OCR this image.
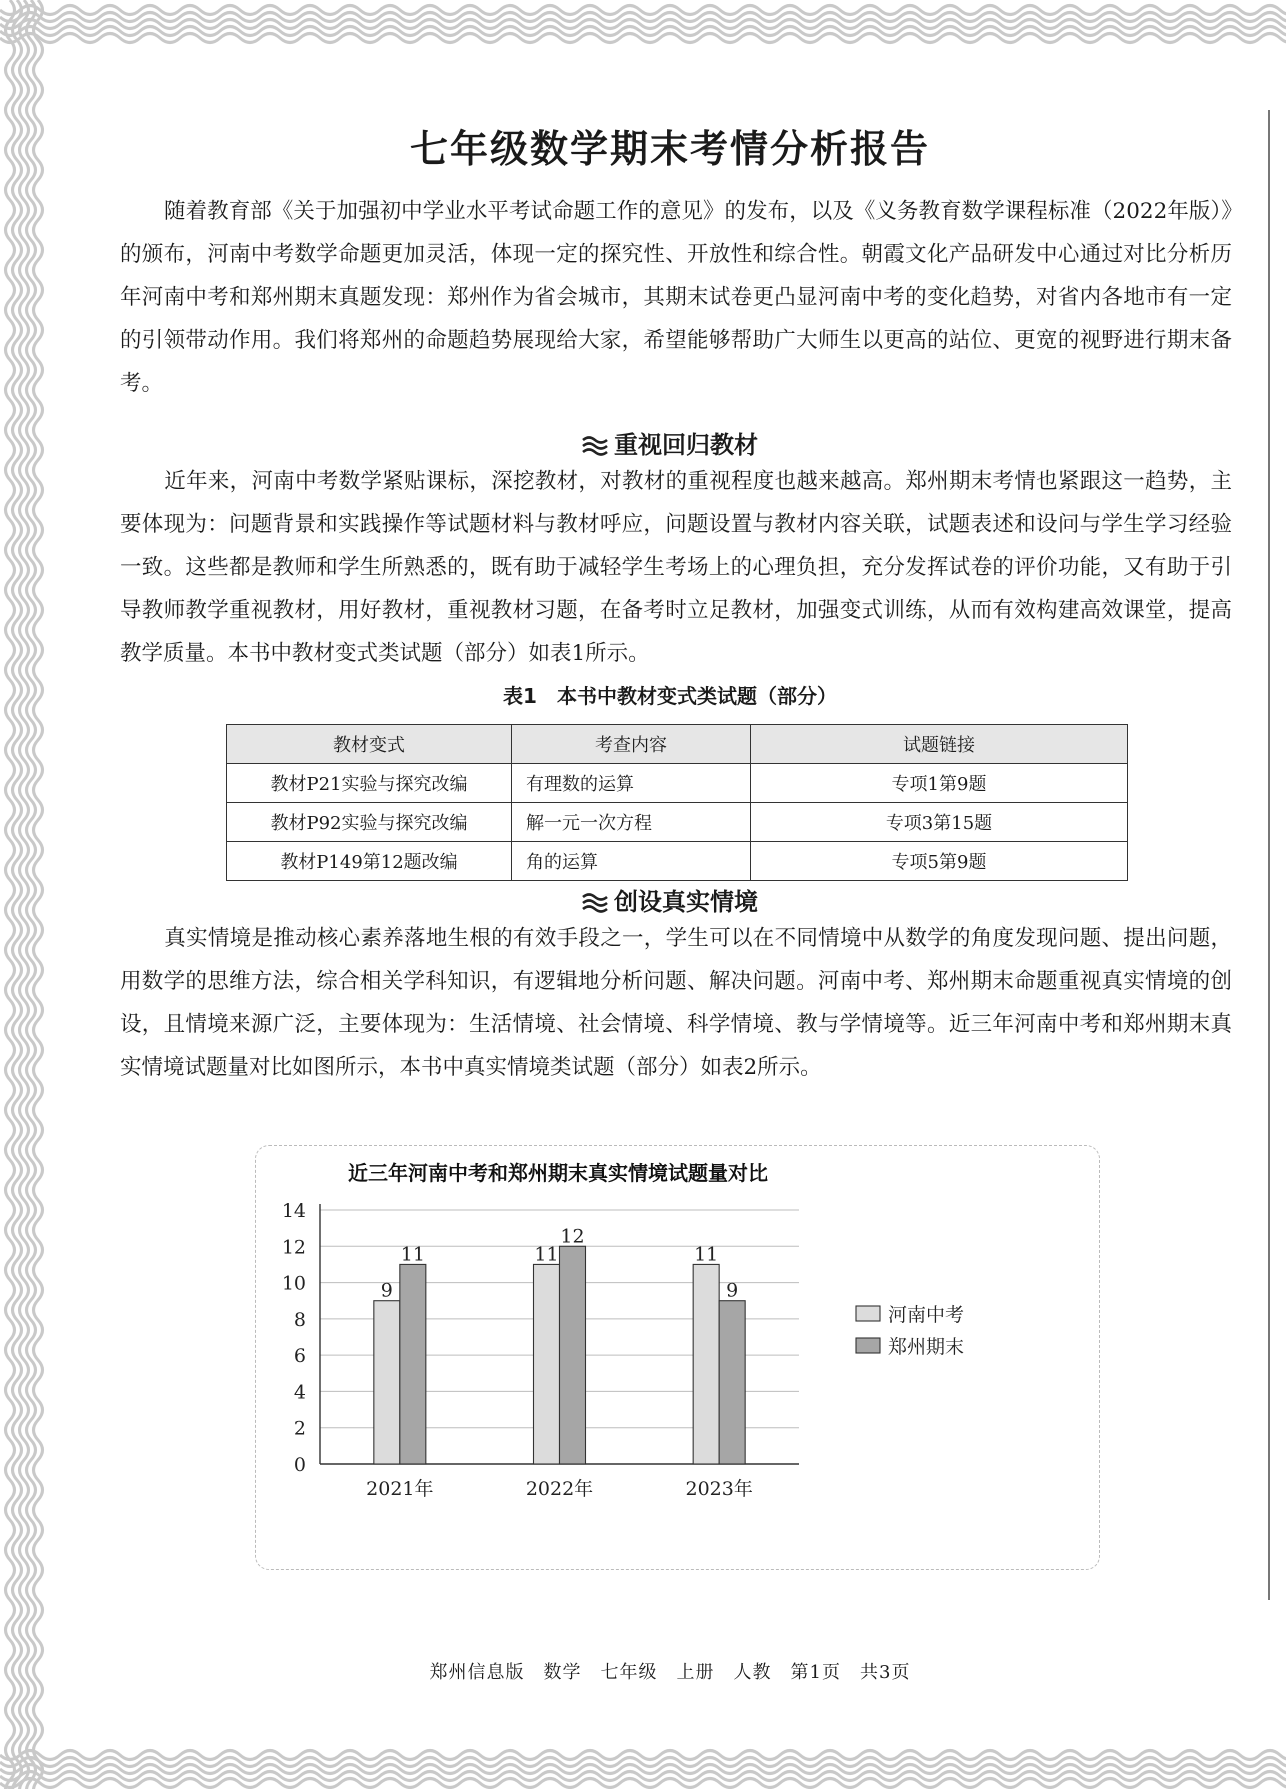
七年级数学期末考情分析报告

随着教育部《关于加强初中学业水平考试命题工作的意见》的发布，以及《义务教育数学课程标准（2022年版）》的颁布，河南中考数学命题更加灵活，体现一定的探究性、开放性和综合性。朝霞文化产品研发中心通过对比分析历年河南中考和郑州期末真题发现：郑州作为省会城市，其期末试卷更凸显河南中考的变化趋势，对省内各地市有一定的引领带动作用。我们将郑州的命题趋势展现给大家，希望能够帮助广大师生以更高的站位、更宽的视野进行期末备考。

重视回归教材

近年来，河南中考数学紧贴课标，深挖教材，对教材的重视程度也越来越高。郑州期末考情也紧跟这一趋势，主要体现为：问题背景和实践操作等试题材料与教材呼应，问题设置与教材内容关联，试题表述和设问与学生学习经验一致。这些都是教师和学生所熟悉的，既有助于减轻学生考场上的心理负担，充分发挥试卷的评价功能，又有助于引导教师教学重视教材，用好教材，重视教材习题，在备考时立足教材，加强变式训练，从而有效构建高效课堂，提高教学质量。本书中教材变式类试题（部分）如表1所示。

表1　本书中教材变式类试题（部分）
教材变式	考查内容	试题链接
教材P21实验与探究改编	有理数的运算	专项1第9题
教材P92实验与探究改编	解一元一次方程	专项3第15题
教材P149第12题改编	角的运算	专项5第9题
创设真实情境

真实情境是推动核心素养落地生根的有效手段之一，学生可以在不同情境中从数学的角度发现问题、提出问题，用数学的思维方法，综合相关学科知识，有逻辑地分析问题、解决问题。河南中考、郑州期末命题重视真实情境的创设，且情境来源广泛，主要体现为：生活情境、社会情境、科学情境、教与学情境等。近三年河南中考和郑州期末真实情境试题量对比如图所示，本书中真实情境类试题（部分）如表2所示。

近三年河南中考和郑州期末真实情境试题量对比
0
2
4
6
8
10
12
14
9
11
2021年
11
12
2022年
11
9
2023年
河南中考
郑州期末
郑州信息版　数学　七年级　上册　人教　第1页　共3页
